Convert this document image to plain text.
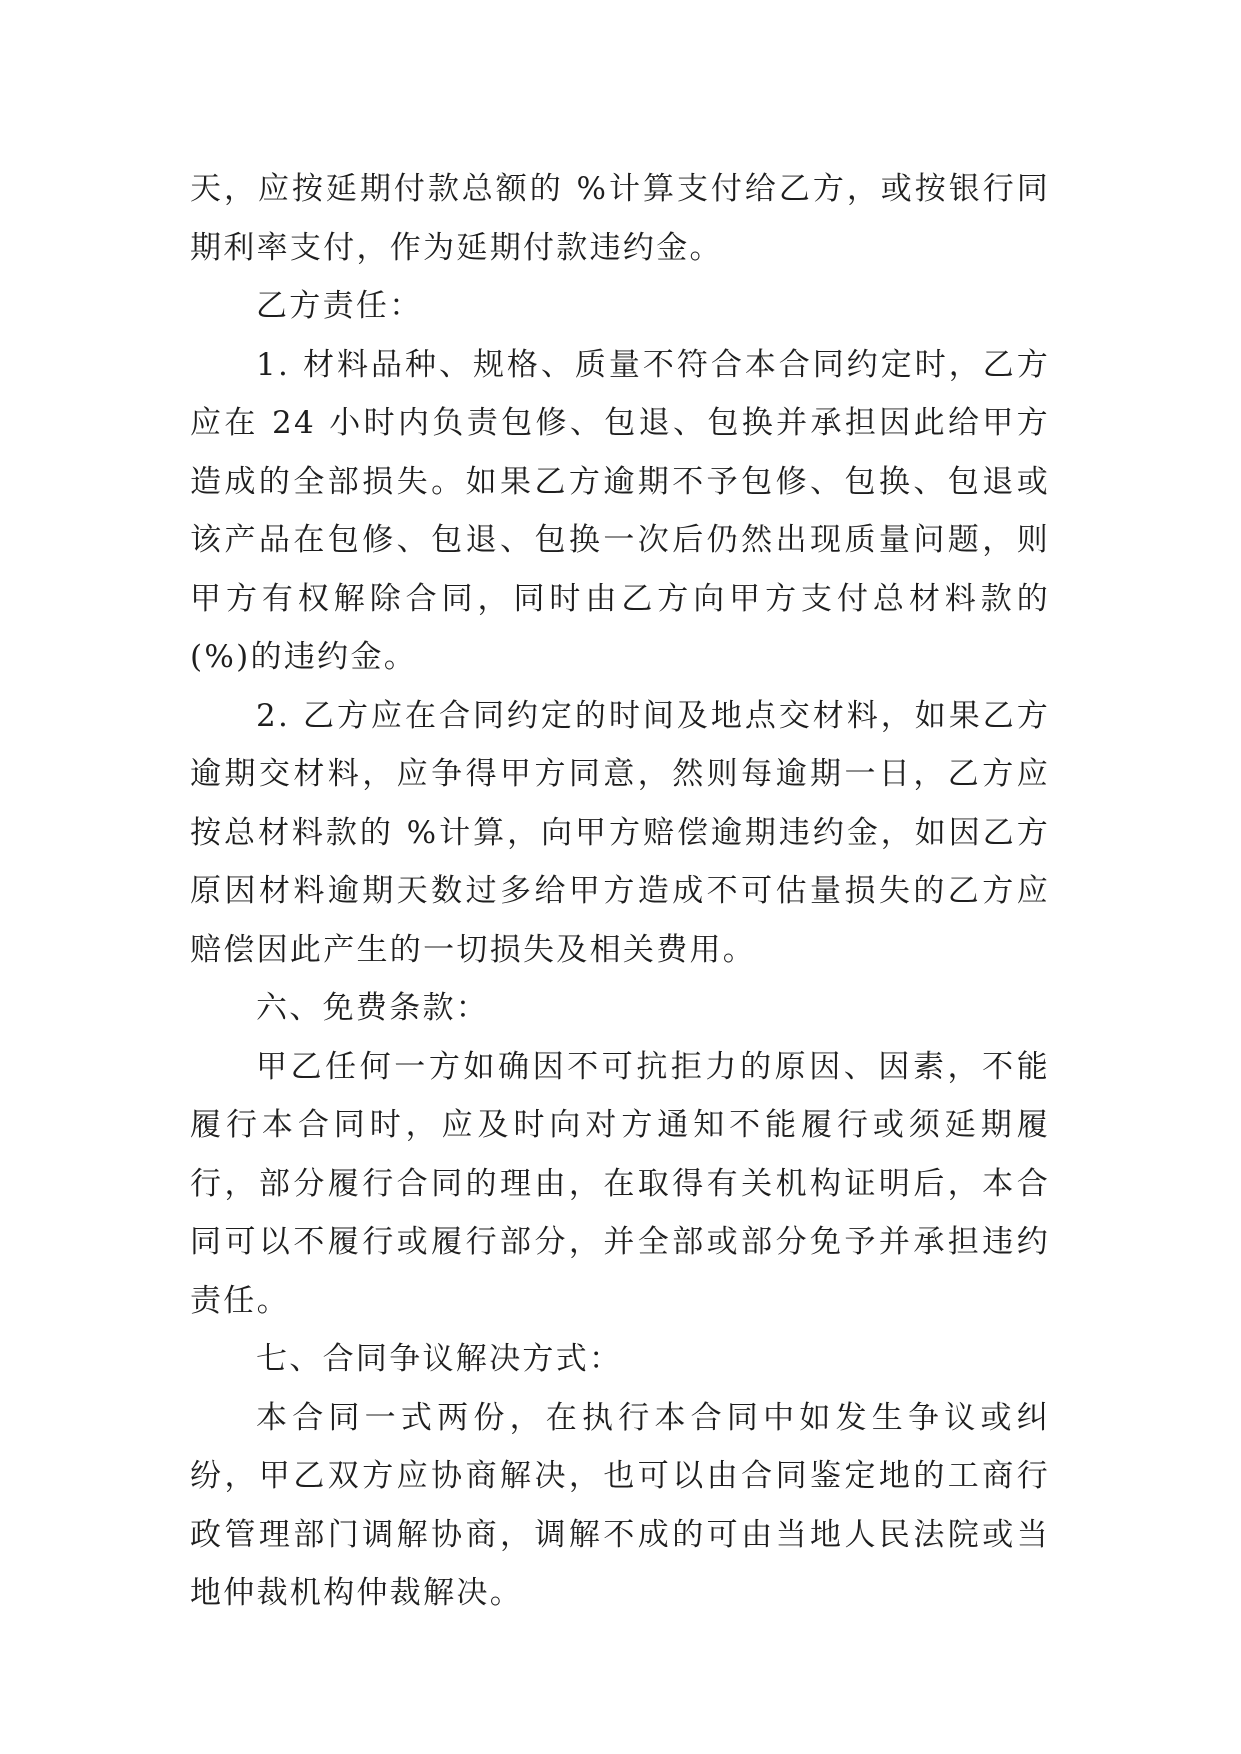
天，应按延期付款总额的 %计算支付给乙方，或按银行同期利率支付，作为延期付款违约金。

乙方责任：

1. 材料品种、规格、质量不符合本合同约定时，乙方应在 24 小时内负责包修、包退、包换并承担因此给甲方造成的全部损失。如果乙方逾期不予包修、包换、包退或该产品在包修、包退、包换一次后仍然出现质量问题，则甲方有权解除合同，同时由乙方向甲方支付总材料款的 (%)的违约金。

2. 乙方应在合同约定的时间及地点交材料，如果乙方逾期交材料，应争得甲方同意，然则每逾期一日，乙方应按总材料款的 %计算，向甲方赔偿逾期违约金，如因乙方原因材料逾期天数过多给甲方造成不可估量损失的乙方应赔偿因此产生的一切损失及相关费用。

六、免费条款：

甲乙任何一方如确因不可抗拒力的原因、因素，不能履行本合同时，应及时向对方通知不能履行或须延期履行，部分履行合同的理由，在取得有关机构证明后，本合同可以不履行或履行部分，并全部或部分免予并承担违约责任。

七、合同争议解决方式：

本合同一式两份，在执行本合同中如发生争议或纠纷，甲乙双方应协商解决，也可以由合同鉴定地的工商行政管理部门调解协商，调解不成的可由当地人民法院或当地仲裁机构仲裁解决。
